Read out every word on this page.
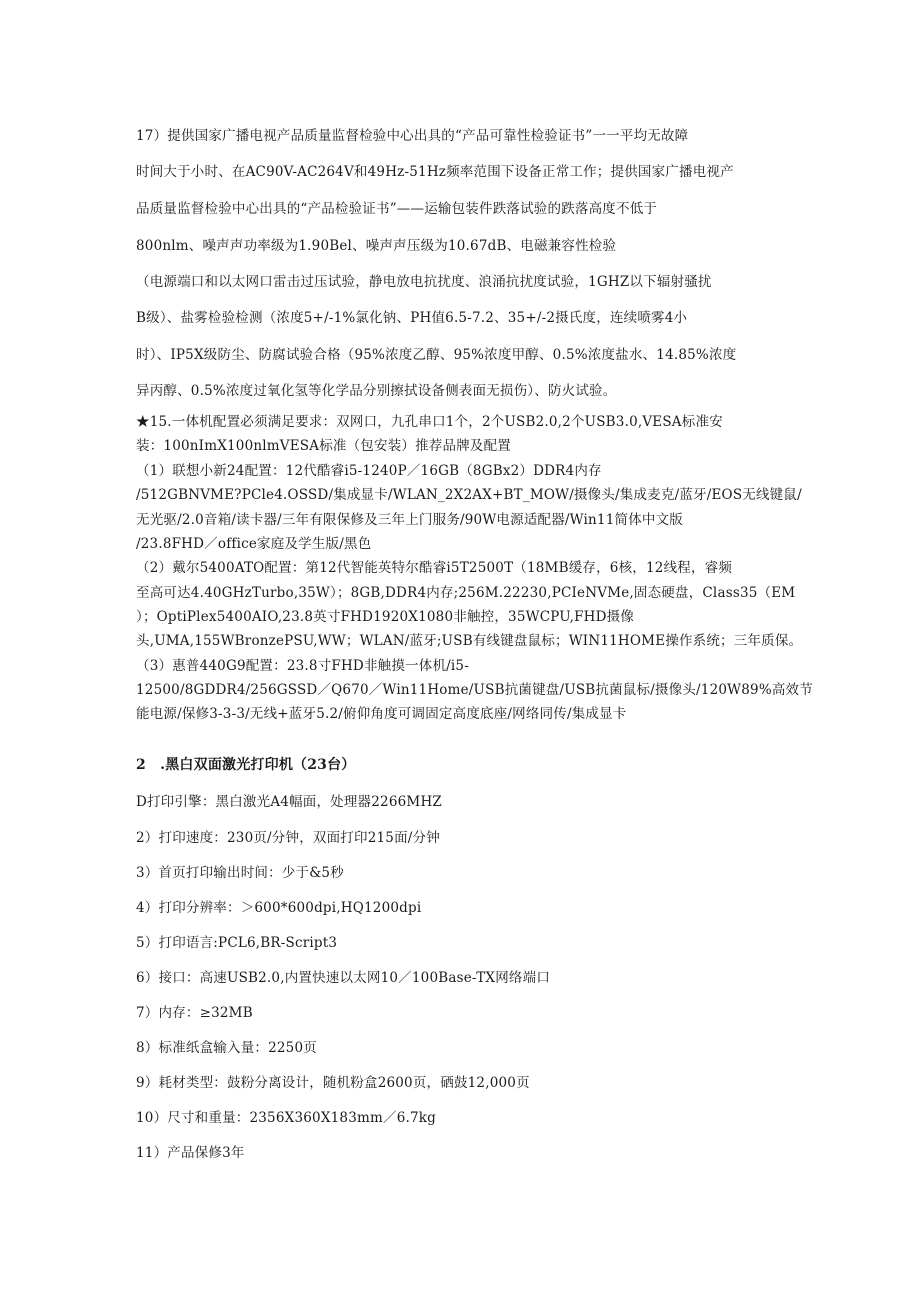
17）提供国家广播电视产品质量监督检验中心出具的“产品可靠性检验证书”一一平均无故障
时间大于小时、在AC90V-AC264V和49Hz-51Hz频率范围下设备正常工作；提供国家广播电视产
品质量监督检验中心出具的“产品检验证书”——运输包装件跌落试验的跌落高度不低于
800nlm、噪声声功率级为1.90Bel、噪声声压级为10.67dB、电磁兼容性检验
（电源端口和以太网口雷击过压试验，静电放电抗扰度、浪涌抗扰度试验，1GHZ以下辐射骚扰
B级）、盐雾检验检测（浓度5+/-1%氯化钠、PH值6.5-7.2、35+/-2摄氏度，连续喷雾4小
时）、IP5X级防尘、防腐试验合格（95%浓度乙醇、95%浓度甲醇、0.5%浓度盐水、14.85%浓度
异丙醇、0.5%浓度过氧化氢等化学品分别擦拭设备侧表面无损伤）、防火试验。
★15.一体机配置必须满足要求：双网口，九孔串口1个，2个USB2.0,2个USB3.0,VESA标准安
装：100nImX100nlmVESA标准（包安装）推荐品牌及配置
（1）联想小新24配置：12代酷睿i5-1240P／16GB（8GBx2）DDR4内存
/512GBNVME?PCle4.OSSD/集成显卡/WLAN_2X2AX+BT_MOW/摄像头/集成麦克/蓝牙/EOS无线键鼠/
无光驱/2.0音箱/读卡器/三年有限保修及三年上门服务/90W电源适配器/Win11简体中文版
/23.8FHD／office家庭及学生版/黑色
（2）戴尔5400ATO配置：第12代智能英特尔酷睿i5T2500T（18MB缓存，6核，12线程，睿频
至高可达4.40GHzTurbo,35W）；8GB,DDR4内存;256M.22230,PCIeNVMe,固态硬盘，Class35（EM
）；OptiPlex5400AIO,23.8英寸FHD1920X1080非触控，35WCPU,FHD摄像
头,UMA,155WBronzePSU,WW；WLAN/蓝牙;USB有线键盘鼠标；WIN11HOME操作系统；三年质保。
（3）惠普440G9配置：23.8寸FHD非触摸一体机/i5-
12500/8GDDR4/256GSSD／Q670／Win11Home/USB抗菌键盘/USB抗菌鼠标/摄像头/120W89%高效节
能电源/保修3-3-3/无线+蓝牙5.2/俯仰角度可调固定高度底座/网络同传/集成显卡
2　.黑白双面激光打印机（23台）
D打印引擎：黑白激光A4幅面，处理器2266MHZ
2）打印速度：230页/分钟，双面打印215面/分钟
3）首页打印输出时间：少于&5秒
4）打印分辨率：＞600*600dpi,HQ1200dpi
5）打印语言:PCL6,BR-Script3
6）接口：高速USB2.0,内置快速以太网10／100Base-TX网络端口
7）内存：≥32MB
8）标准纸盒输入量：2250页
9）耗材类型：鼓粉分离设计，随机粉盒2600页，硒鼓12,000页
10）尺寸和重量：2356X360X183mm／6.7kg
11）产品保修3年
